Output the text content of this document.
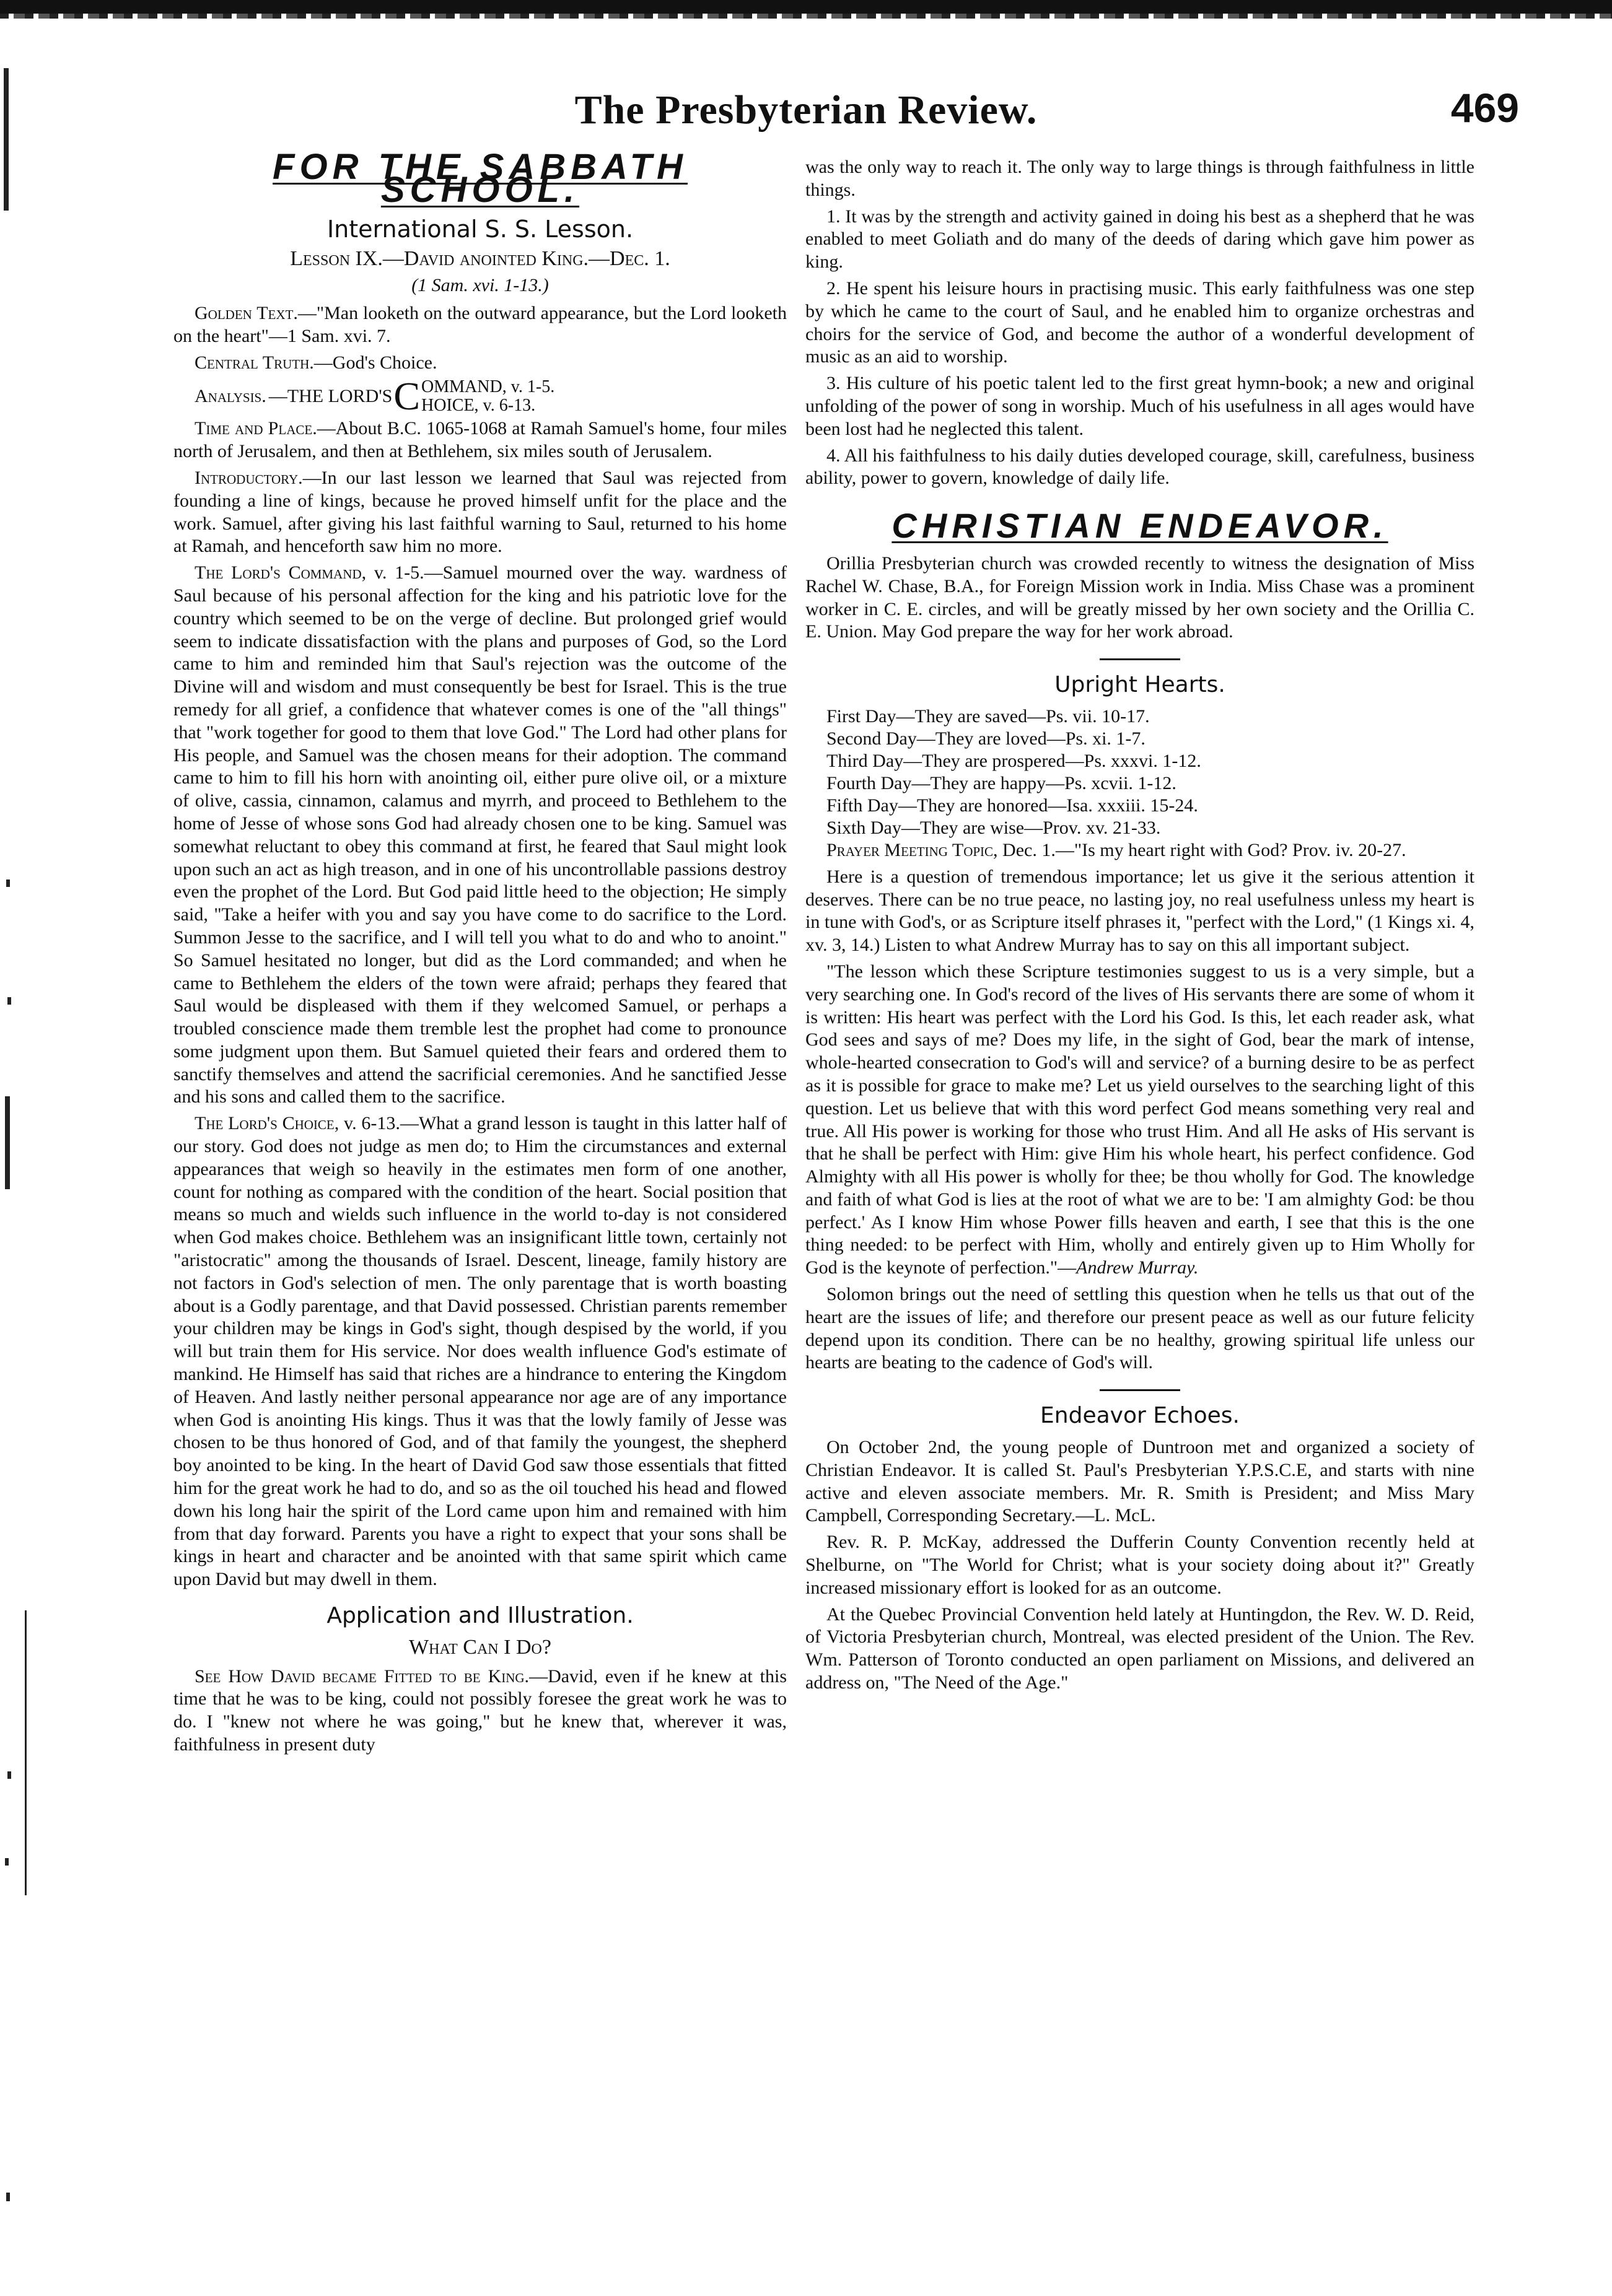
The Presbyterian Review.	469
FOR THE SABBATH SCHOOL.
International S. S. Lesson.
Lesson IX.—David anointed King.—Dec. 1.
(1 Sam. xvi. 1-13.)

Golden Text.—"Man looketh on the outward appearance, but the Lord looketh on the heart"—1 Sam. xvi. 7.

Central Truth.—God's Choice.

Analysis. —THE LORD'S C OMMAND, v. 1-5.
HOICE, v. 6-13.

Time and Place.—About B.C. 1065-1068 at Ramah Samuel's home, four miles north of Jerusalem, and then at Bethlehem, six miles south of Jerusalem.

Introductory.—In our last lesson we learned that Saul was rejected from founding a line of kings, because he proved himself unfit for the place and the work. Samuel, after giving his last faithful warning to Saul, returned to his home at Ramah, and henceforth saw him no more.

The Lord's Command, v. 1-5.—Samuel mourned over the way. wardness of Saul because of his personal affection for the king and his patriotic love for the country which seemed to be on the verge of decline. But prolonged grief would seem to indicate dissatisfaction with the plans and purposes of God, so the Lord came to him and reminded him that Saul's rejection was the outcome of the Divine will and wisdom and must consequently be best for Israel. This is the true remedy for all grief, a confidence that whatever comes is one of the "all things" that "work together for good to them that love God." The Lord had other plans for His people, and Samuel was the chosen means for their adoption. The command came to him to fill his horn with anointing oil, either pure olive oil, or a mixture of olive, cassia, cinnamon, calamus and myrrh, and proceed to Bethlehem to the home of Jesse of whose sons God had already chosen one to be king. Samuel was somewhat reluctant to obey this command at first, he feared that Saul might look upon such an act as high treason, and in one of his uncontrollable passions destroy even the prophet of the Lord. But God paid little heed to the objection; He simply said, "Take a heifer with you and say you have come to do sacrifice to the Lord. Summon Jesse to the sacrifice, and I will tell you what to do and who to anoint." So Samuel hesitated no longer, but did as the Lord commanded; and when he came to Bethlehem the elders of the town were afraid; perhaps they feared that Saul would be displeased with them if they welcomed Samuel, or perhaps a troubled conscience made them tremble lest the prophet had come to pronounce some judgment upon them. But Samuel quieted their fears and ordered them to sanctify themselves and attend the sacrificial ceremonies. And he sanctified Jesse and his sons and called them to the sacrifice.

The Lord's Choice, v. 6-13.—What a grand lesson is taught in this latter half of our story. God does not judge as men do; to Him the circumstances and external appearances that weigh so heavily in the estimates men form of one another, count for nothing as compared with the condition of the heart. Social position that means so much and wields such influence in the world to-day is not considered when God makes choice. Bethlehem was an insignificant little town, certainly not "aristocratic" among the thousands of Israel. Descent, lineage, family history are not factors in God's selection of men. The only parentage that is worth boasting about is a Godly parentage, and that David possessed. Christian parents remember your children may be kings in God's sight, though despised by the world, if you will but train them for His service. Nor does wealth influence God's estimate of mankind. He Himself has said that riches are a hindrance to entering the Kingdom of Heaven. And lastly neither personal appearance nor age are of any importance when God is anointing His kings. Thus it was that the lowly family of Jesse was chosen to be thus honored of God, and of that family the youngest, the shepherd boy anointed to be king. In the heart of David God saw those essentials that fitted him for the great work he had to do, and so as the oil touched his head and flowed down his long hair the spirit of the Lord came upon him and remained with him from that day forward. Parents you have a right to expect that your sons shall be kings in heart and character and be anointed with that same spirit which came upon David but may dwell in them.

Application and Illustration.
What Can I Do?

See How David became Fitted to be King.—David, even if he knew at this time that he was to be king, could not possibly foresee the great work he was to do. I "knew not where he was going," but he knew that, wherever it was, faithfulness in present duty

was the only way to reach it. The only way to large things is through faithfulness in little things.

1. It was by the strength and activity gained in doing his best as a shepherd that he was enabled to meet Goliath and do many of the deeds of daring which gave him power as king.

2. He spent his leisure hours in practising music. This early faithfulness was one step by which he came to the court of Saul, and he enabled him to organize orchestras and choirs for the service of God, and become the author of a wonderful development of music as an aid to worship.

3. His culture of his poetic talent led to the first great hymn-book; a new and original unfolding of the power of song in worship. Much of his usefulness in all ages would have been lost had he neglected this talent.

4. All his faithfulness to his daily duties developed courage, skill, carefulness, business ability, power to govern, knowledge of daily life.

CHRISTIAN ENDEAVOR.

Orillia Presbyterian church was crowded recently to witness the designation of Miss Rachel W. Chase, B.A., for Foreign Mission work in India. Miss Chase was a prominent worker in C. E. circles, and will be greatly missed by her own society and the Orillia C. E. Union. May God prepare the way for her work abroad.

Upright Hearts.
First Day—They are saved—Ps. vii. 10-17.
Second Day—They are loved—Ps. xi. 1-7.
Third Day—They are prospered—Ps. xxxvi. 1-12.
Fourth Day—They are happy—Ps. xcvii. 1-12.
Fifth Day—They are honored—Isa. xxxiii. 15-24.
Sixth Day—They are wise—Prov. xv. 21-33.

Prayer Meeting Topic, Dec. 1.—"Is my heart right with God? Prov. iv. 20-27.

Here is a question of tremendous importance; let us give it the serious attention it deserves. There can be no true peace, no lasting joy, no real usefulness unless my heart is in tune with God's, or as Scripture itself phrases it, "perfect with the Lord," (1 Kings xi. 4, xv. 3, 14.) Listen to what Andrew Murray has to say on this all important subject.

"The lesson which these Scripture testimonies suggest to us is a very simple, but a very searching one. In God's record of the lives of His servants there are some of whom it is written: His heart was perfect with the Lord his God. Is this, let each reader ask, what God sees and says of me? Does my life, in the sight of God, bear the mark of intense, whole-hearted consecration to God's will and service? of a burning desire to be as perfect as it is possible for grace to make me? Let us yield ourselves to the searching light of this question. Let us believe that with this word perfect God means something very real and true. All His power is working for those who trust Him. And all He asks of His servant is that he shall be perfect with Him: give Him his whole heart, his perfect confidence. God Almighty with all His power is wholly for thee; be thou wholly for God. The knowledge and faith of what God is lies at the root of what we are to be: 'I am almighty God: be thou perfect.' As I know Him whose Power fills heaven and earth, I see that this is the one thing needed: to be perfect with Him, wholly and entirely given up to Him Wholly for God is the keynote of perfection."—Andrew Murray.

Solomon brings out the need of settling this question when he tells us that out of the heart are the issues of life; and therefore our present peace as well as our future felicity depend upon its condition. There can be no healthy, growing spiritual life unless our hearts are beating to the cadence of God's will.

Endeavor Echoes.

On October 2nd, the young people of Duntroon met and organized a society of Christian Endeavor. It is called St. Paul's Presbyterian Y.P.S.C.E, and starts with nine active and eleven associate members. Mr. R. Smith is President; and Miss Mary Campbell, Corresponding Secretary.—L. McL.

Rev. R. P. McKay, addressed the Dufferin County Convention recently held at Shelburne, on "The World for Christ; what is your society doing about it?" Greatly increased missionary effort is looked for as an outcome.

At the Quebec Provincial Convention held lately at Huntingdon, the Rev. W. D. Reid, of Victoria Presbyterian church, Montreal, was elected president of the Union. The Rev. Wm. Patterson of Toronto conducted an open parliament on Missions, and delivered an address on, "The Need of the Age."
